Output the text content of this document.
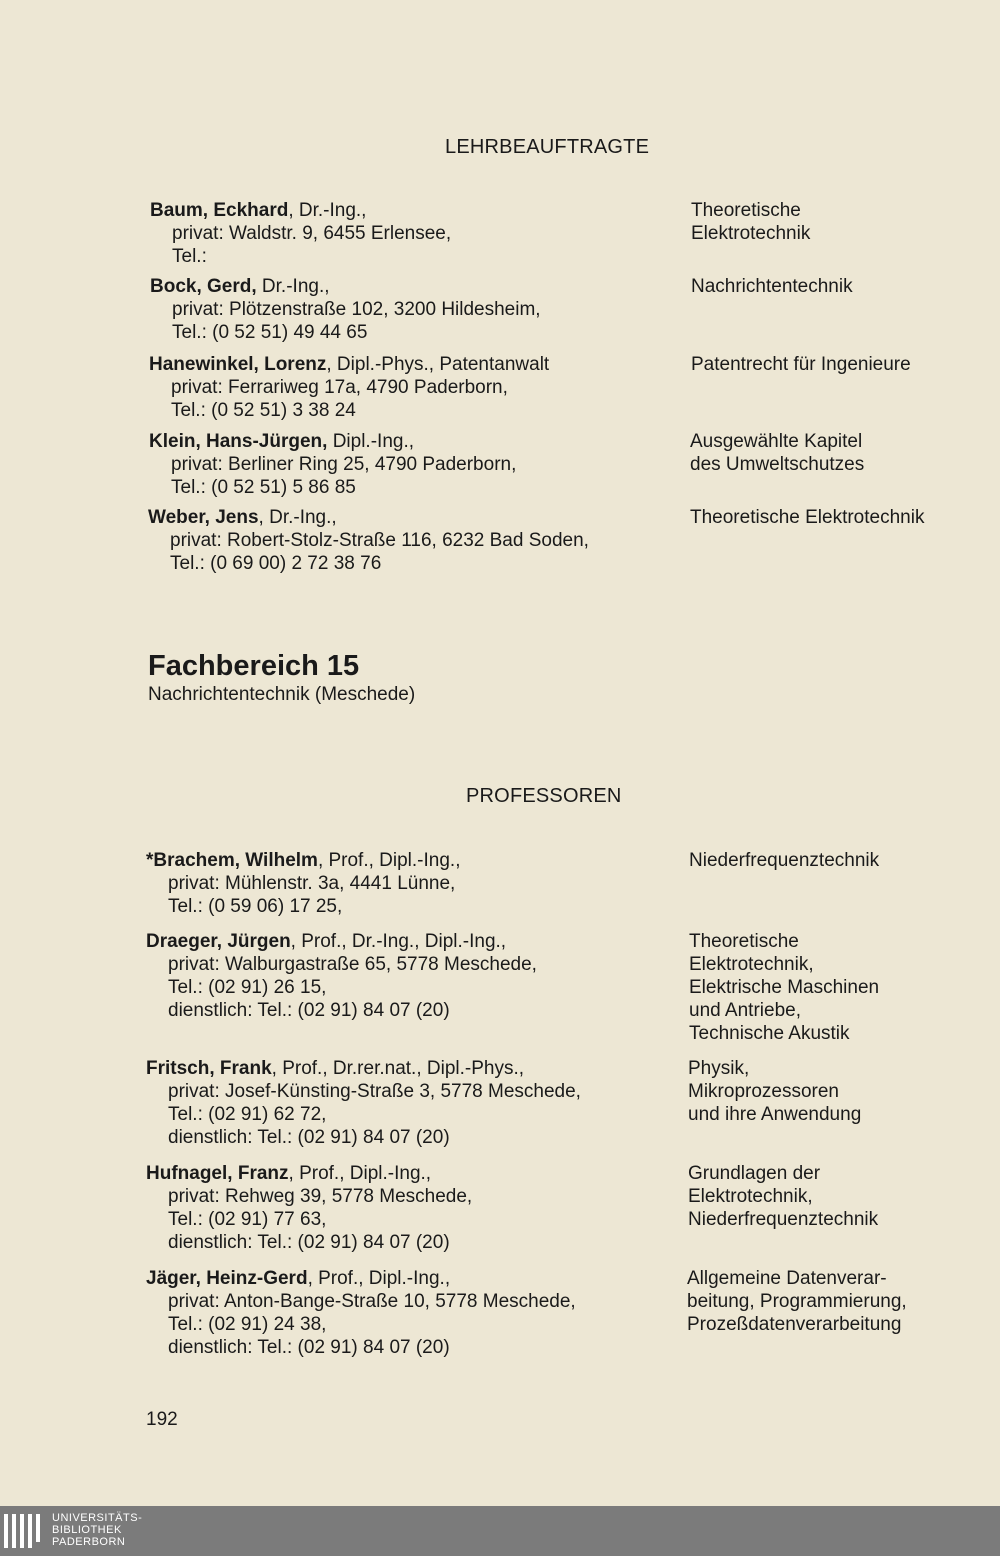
LEHRBEAUFTRAGTE
Baum, Eckhard, Dr.-Ing.,
privat: Waldstr. 9, 6455 Erlensee,
Tel.:
Theoretische
Elektrotechnik
Bock, Gerd, Dr.-Ing.,
privat: Plötzenstraße 102, 3200 Hildesheim,
Tel.: (0 52 51) 49 44 65
Nachrichtentechnik
Hanewinkel, Lorenz, Dipl.-Phys., Patentanwalt
privat: Ferrariweg 17a, 4790 Paderborn,
Tel.: (0 52 51) 3 38 24
Patentrecht für Ingenieure
Klein, Hans-Jürgen, Dipl.-Ing.,
privat: Berliner Ring 25, 4790 Paderborn,
Tel.: (0 52 51) 5 86 85
Ausgewählte Kapitel
des Umweltschutzes
Weber, Jens, Dr.-Ing.,
privat: Robert-Stolz-Straße 116, 6232 Bad Soden,
Tel.: (0 69 00) 2 72 38 76
Theoretische Elektrotechnik
Fachbereich 15
Nachrichtentechnik (Meschede)
PROFESSOREN
*Brachem, Wilhelm, Prof., Dipl.-Ing.,
privat: Mühlenstr. 3a, 4441 Lünne,
Tel.: (0 59 06) 17 25,
Niederfrequenztechnik
Draeger, Jürgen, Prof., Dr.-Ing., Dipl.-Ing.,
privat: Walburgastraße 65, 5778 Meschede,
Tel.: (02 91) 26 15,
dienstlich: Tel.: (02 91) 84 07 (20)
Theoretische
Elektrotechnik,
Elektrische Maschinen
und Antriebe,
Technische Akustik
Fritsch, Frank, Prof., Dr.rer.nat., Dipl.-Phys.,
privat: Josef-Künsting-Straße 3, 5778 Meschede,
Tel.: (02 91) 62 72,
dienstlich: Tel.: (02 91) 84 07 (20)
Physik,
Mikroprozessoren
und ihre Anwendung
Hufnagel, Franz, Prof., Dipl.-Ing.,
privat: Rehweg 39, 5778 Meschede,
Tel.: (02 91) 77 63,
dienstlich: Tel.: (02 91) 84 07 (20)
Grundlagen der
Elektrotechnik,
Niederfrequenztechnik
Jäger, Heinz-Gerd, Prof., Dipl.-Ing.,
privat: Anton-Bange-Straße 10, 5778 Meschede,
Tel.: (02 91) 24 38,
dienstlich: Tel.: (02 91) 84 07 (20)
Allgemeine Datenverar-
beitung, Programmierung,
Prozeßdatenverarbeitung
192
UNIVERSITÄTS-
BIBLIOTHEK
PADERBORN
